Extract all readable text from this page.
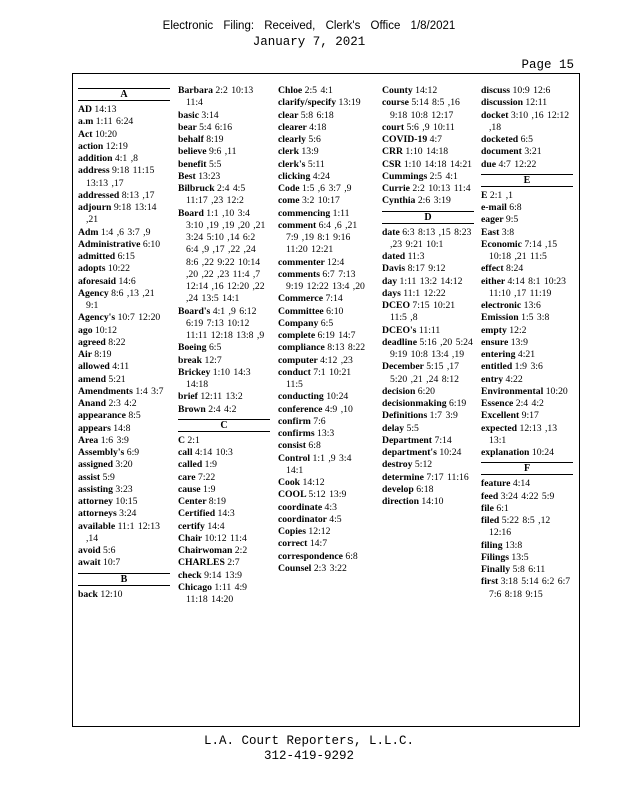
Electronic Filing: Received, Clerk's Office 1/8/2021
January 7, 2021
Page 15
A
AD 14:13
a.m 1:11 6:24
Act 10:20
action 12:19
addition 4:1 ,8
address 9:18 11:15 13:13 ,17
addressed 8:13 ,17
adjourn 9:18 13:14 ,21
Adm 1:4 ,6 3:7 ,9
Administrative 6:10
admitted 6:15
adopts 10:22
aforesaid 14:6
Agency 8:6 ,13 ,21 9:1
Agency's 10:7 12:20
ago 10:12
agreed 8:22
Air 8:19
allowed 4:11
amend 5:21
Amendments 1:4 3:7
Anand 2:3 4:2
appearance 8:5
appears 14:8
Area 1:6 3:9
Assembly's 6:9
assigned 3:20
assist 5:9
assisting 3:23
attorney 10:15
attorneys 3:24
available 11:1 12:13 ,14
avoid 5:6
await 10:7
B
back 12:10
Barbara 2:2 10:13 11:4
basic 3:14
bear 5:4 6:16
behalf 8:19
believe 9:6 ,11
benefit 5:5
Best 13:23
Bilbruck 2:4 4:5 11:17 ,23 12:2
Board 1:1 ,10 3:4 3:10 ,19 ,19 ,20 ,21 3:24 5:10 ,14 6:2 6:4 ,9 ,17 ,22 ,24 8:6 ,22 9:22 10:14 ,20 ,22 ,23 11:4 ,7 12:14 ,16 12:20 ,22 ,24 13:5 14:1
Board's 4:1 ,9 6:12 6:19 7:13 10:12 11:11 12:18 13:8 ,9
Boeing 6:5
break 12:7
Brickey 1:10 14:3 14:18
brief 12:11 13:2
Brown 2:4 4:2
C
C 2:1
call 4:14 10:3
called 1:9
care 7:22
cause 1:9
Center 8:19
Certified 14:3
certify 14:4
Chair 10:12 11:4
Chairwoman 2:2
CHARLES 2:7
check 9:14 13:9
Chicago 1:11 4:9 11:18 14:20
Chloe 2:5 4:1
clarify/specify 13:19
clear 5:8 6:18
clearer 4:18
clearly 5:6
clerk 13:9
clerk's 5:11
clicking 4:24
Code 1:5 ,6 3:7 ,9
come 3:2 10:17
commencing 1:11
comment 6:4 ,6 ,21 7:9 ,19 8:1 9:16 11:20 12:21
commenter 12:4
comments 6:7 7:13 9:19 12:22 13:4 ,20
Commerce 7:14
Committee 6:10
Company 6:5
complete 6:19 14:7
compliance 8:13 8:22
computer 4:12 ,23
conduct 7:1 10:21 11:5
conducting 10:24
conference 4:9 ,10
confirm 7:6
confirms 13:3
consist 6:8
Control 1:1 ,9 3:4 14:1
Cook 14:12
COOL 5:12 13:9
coordinate 4:3
coordinator 4:5
Copies 12:12
correct 14:7
correspondence 6:8
Counsel 2:3 3:22
County 14:12
course 5:14 8:5 ,16 9:18 10:8 12:17
court 5:6 ,9 10:11
COVID-19 4:7
CRR 1:10 14:18
CSR 1:10 14:18 14:21
Cummings 2:5 4:1
Currie 2:2 10:13 11:4
Cynthia 2:6 3:19
D
date 6:3 8:13 ,15 8:23 ,23 9:21 10:1
dated 11:3
Davis 8:17 9:12
day 1:11 13:2 14:12
days 11:1 12:22
DCEO 7:15 10:21 11:5 ,8
DCEO's 11:11
deadline 5:16 ,20 5:24 9:19 10:8 13:4 ,19
December 5:15 ,17 5:20 ,21 ,24 8:12
decision 6:20
decisionmaking 6:19
Definitions 1:7 3:9
delay 5:5
Department 7:14
department's 10:24
destroy 5:12
determine 7:17 11:16
develop 6:18
direction 14:10
discuss 10:9 12:6
discussion 12:11
docket 3:10 ,16 12:12 ,18
docketed 6:5
document 3:21
due 4:7 12:22
E
E 2:1 ,1
e-mail 6:8
eager 9:5
East 3:8
Economic 7:14 ,15 10:18 ,21 11:5
effect 8:24
either 4:14 8:1 10:23 11:10 ,17 11:19
electronic 13:6
Emission 1:5 3:8
empty 12:2
ensure 13:9
entering 4:21
entitled 1:9 3:6
entry 4:22
Environmental 10:20
Essence 2:4 4:2
Excellent 9:17
expected 12:13 ,13 13:1
explanation 10:24
F
feature 4:14
feed 3:24 4:22 5:9
file 6:1
filed 5:22 8:5 ,12 12:16
filing 13:8
Filings 13:5
Finally 5:8 6:11
first 3:18 5:14 6:2 6:7 7:6 8:18 9:15
L.A. Court Reporters, L.L.C.
312-419-9292
